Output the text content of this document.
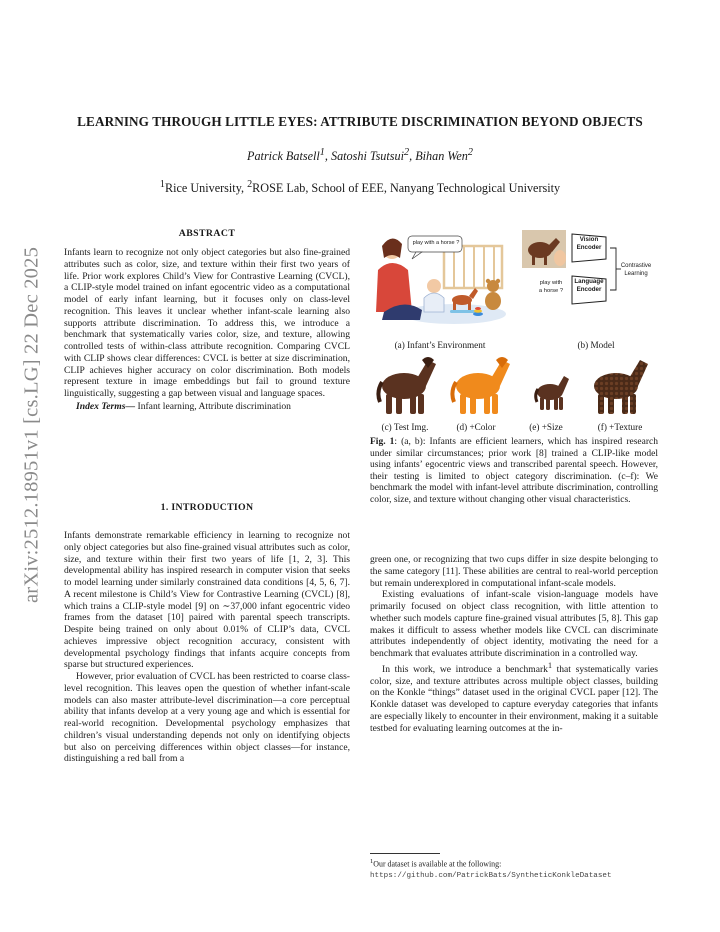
arXiv:2512.18951v1 [cs.LG] 22 Dec 2025
LEARNING THROUGH LITTLE EYES: ATTRIBUTE DISCRIMINATION BEYOND OBJECTS
Patrick Batsell$^1$, Satoshi Tsutsui$^2$, Bihan Wen$^2$
$^1$Rice University, $^2$ROSE Lab, School of EEE, Nanyang Technological University
ABSTRACT
Infants learn to recognize not only object categories but also fine-grained attributes such as color, size, and texture within their first two years of life. Prior work explores Child’s View for Contrastive Learning (CVCL), a CLIP-style model trained on infant egocentric video as a computational model of early infant learning, but it focuses only on class-level recognition. This leaves it unclear whether infant-scale learning also supports attribute discrimination. To address this, we introduce a benchmark that systematically varies color, size, and texture, allowing controlled tests of within-class attribute recognition. Comparing CVCL with CLIP shows clear differences: CVCL is better at size discrimination, CLIP achieves higher accuracy on color discrimination. Both models represent texture in image embeddings but fail to ground texture linguistically, suggesting a gap between visual and language spaces.
Index Terms— Infant learning, Attribute discrimination
1. INTRODUCTION
Infants demonstrate remarkable efficiency in learning to recognize not only object categories but also fine-grained visual attributes such as color, size, and texture within their first two years of life [1, 2, 3]. This developmental ability has inspired research in computer vision that seeks to model learning under similarly constrained data conditions [4, 5, 6, 7]. A recent milestone is Child’s View for Contrastive Learning (CVCL) [8], which trains a CLIP-style model [9] on ∼37,000 infant egocentric video frames from the dataset [10] paired with parental speech transcripts. Despite being trained on only about 0.01% of CLIP’s data, CVCL achieves impressive object recognition accuracy, consistent with developmental psychology findings that infants acquire concepts from sparse but structured experiences.
However, prior evaluation of CVCL has been restricted to coarse class-level recognition. This leaves open the question of whether infant-scale models can also master attribute-level discrimination—a core perceptual ability that infants develop at a very young age and which is essential for real-world recognition. Developmental psychology emphasizes that children’s visual understanding depends not only on identifying objects but also on perceiving differences within object classes—for instance, distinguishing a red ball from a
play with a horse ?	Vision
Encoder
Language
Encoder
Contrastive
Learning
play with
a horse ?
(a) Infant’s Environment	(b) Model
(c) Test Img.	(d) +Color	(e) +Size	(f) +Texture
Fig. 1: (a, b): Infants are efficient learners, which has inspired research under similar circumstances; prior work [8] trained a CLIP-like model using infants’ egocentric views and transcribed parental speech. However, their testing is limited to object category discrimination. (c–f): We benchmark the model with infant-level attribute discrimination, controlling color, size, and texture without changing other visual characteristics.
green one, or recognizing that two cups differ in size despite belonging to the same category [11]. These abilities are central to real-world perception but remain underexplored in computational infant-scale models.
Existing evaluations of infant-scale vision-language models have primarily focused on object class recognition, with little attention to whether such models capture fine-grained visual attributes [5, 8]. This gap makes it difficult to assess whether models like CVCL can discriminate attributes independently of object identity, motivating the need for a benchmark that evaluates attribute discrimination in a controlled way.
In this work, we introduce a benchmark$^1$ that systematically varies color, size, and texture attributes across multiple object classes, building on the Konkle “things” dataset used in the original CVCL paper [12]. The Konkle dataset was developed to capture everyday categories that infants are especially likely to encounter in their environment, making it a suitable testbed for evaluating learning outcomes at the in-
$^1$Our dataset is available at the following: https://github.com/PatrickBats/SyntheticKonkleDataset
